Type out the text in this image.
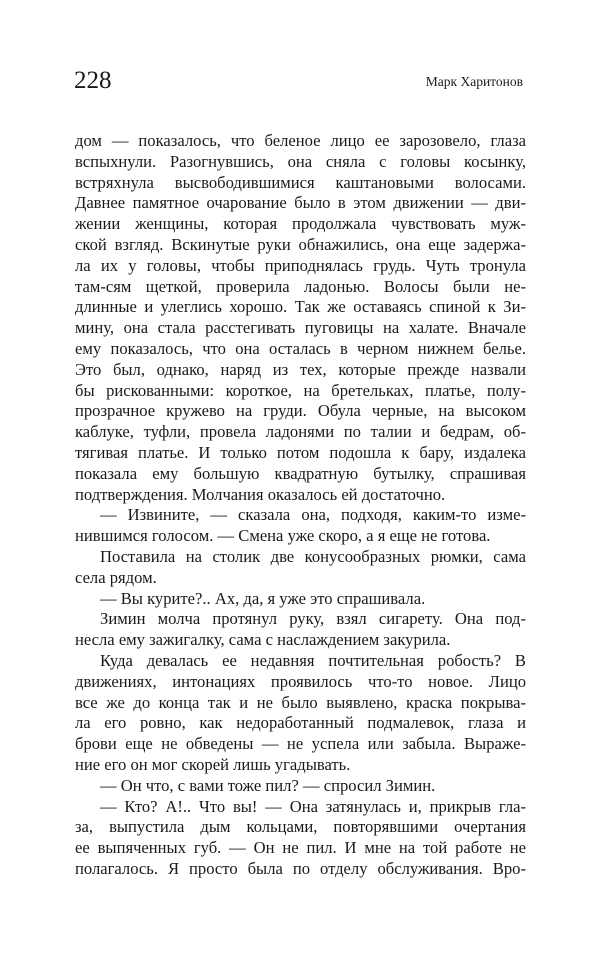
228	Марк Харитонов
дом — показалось, что беленое лицо ее зарозовело, глаза
вспыхнули. Разогнувшись, она сняла с головы косынку,
встряхнула высвободившимися каштановыми волосами.
Давнее памятное очарование было в этом движении — дви-
жении женщины, которая продолжала чувствовать муж-
ской взгляд. Вскинутые руки обнажились, она еще задержа-
ла их у головы, чтобы приподнялась грудь. Чуть тронула
там-сям щеткой, проверила ладонью. Волосы были не-
длинные и улеглись хорошо. Так же оставаясь спиной к Зи-
мину, она стала расстегивать пуговицы на халате. Вначале
ему показалось, что она осталась в черном нижнем белье.
Это был, однако, наряд из тех, которые прежде назвали
бы рискованными: короткое, на бретельках, платье, полу-
прозрачное кружево на груди. Обула черные, на высоком
каблуке, туфли, провела ладонями по талии и бедрам, об-
тягивая платье. И только потом подошла к бару, издалека
показала ему большую квадратную бутылку, спрашивая
подтверждения. Молчания оказалось ей достаточно.
— Извините, — сказала она, подходя, каким-то изме-
нившимся голосом. — Смена уже скоро, а я еще не готова.
Поставила на столик две конусообразных рюмки, сама
села рядом.
— Вы курите?.. Ах, да, я уже это спрашивала.
Зимин молча протянул руку, взял сигарету. Она под-
несла ему зажигалку, сама с наслаждением закурила.
Куда девалась ее недавняя почтительная робость? В
движениях, интонациях проявилось что-то новое. Лицо
все же до конца так и не было выявлено, краска покрыва-
ла его ровно, как недоработанный подмалевок, глаза и
брови еще не обведены — не успела или забыла. Выраже-
ние его он мог скорей лишь угадывать.
— Он что, с вами тоже пил? — спросил Зимин.
— Кто? А!.. Что вы! — Она затянулась и, прикрыв гла-
за, выпустила дым кольцами, повторявшими очертания
ее выпяченных губ. — Он не пил. И мне на той работе не
полагалось. Я просто была по отделу обслуживания. Вро-
